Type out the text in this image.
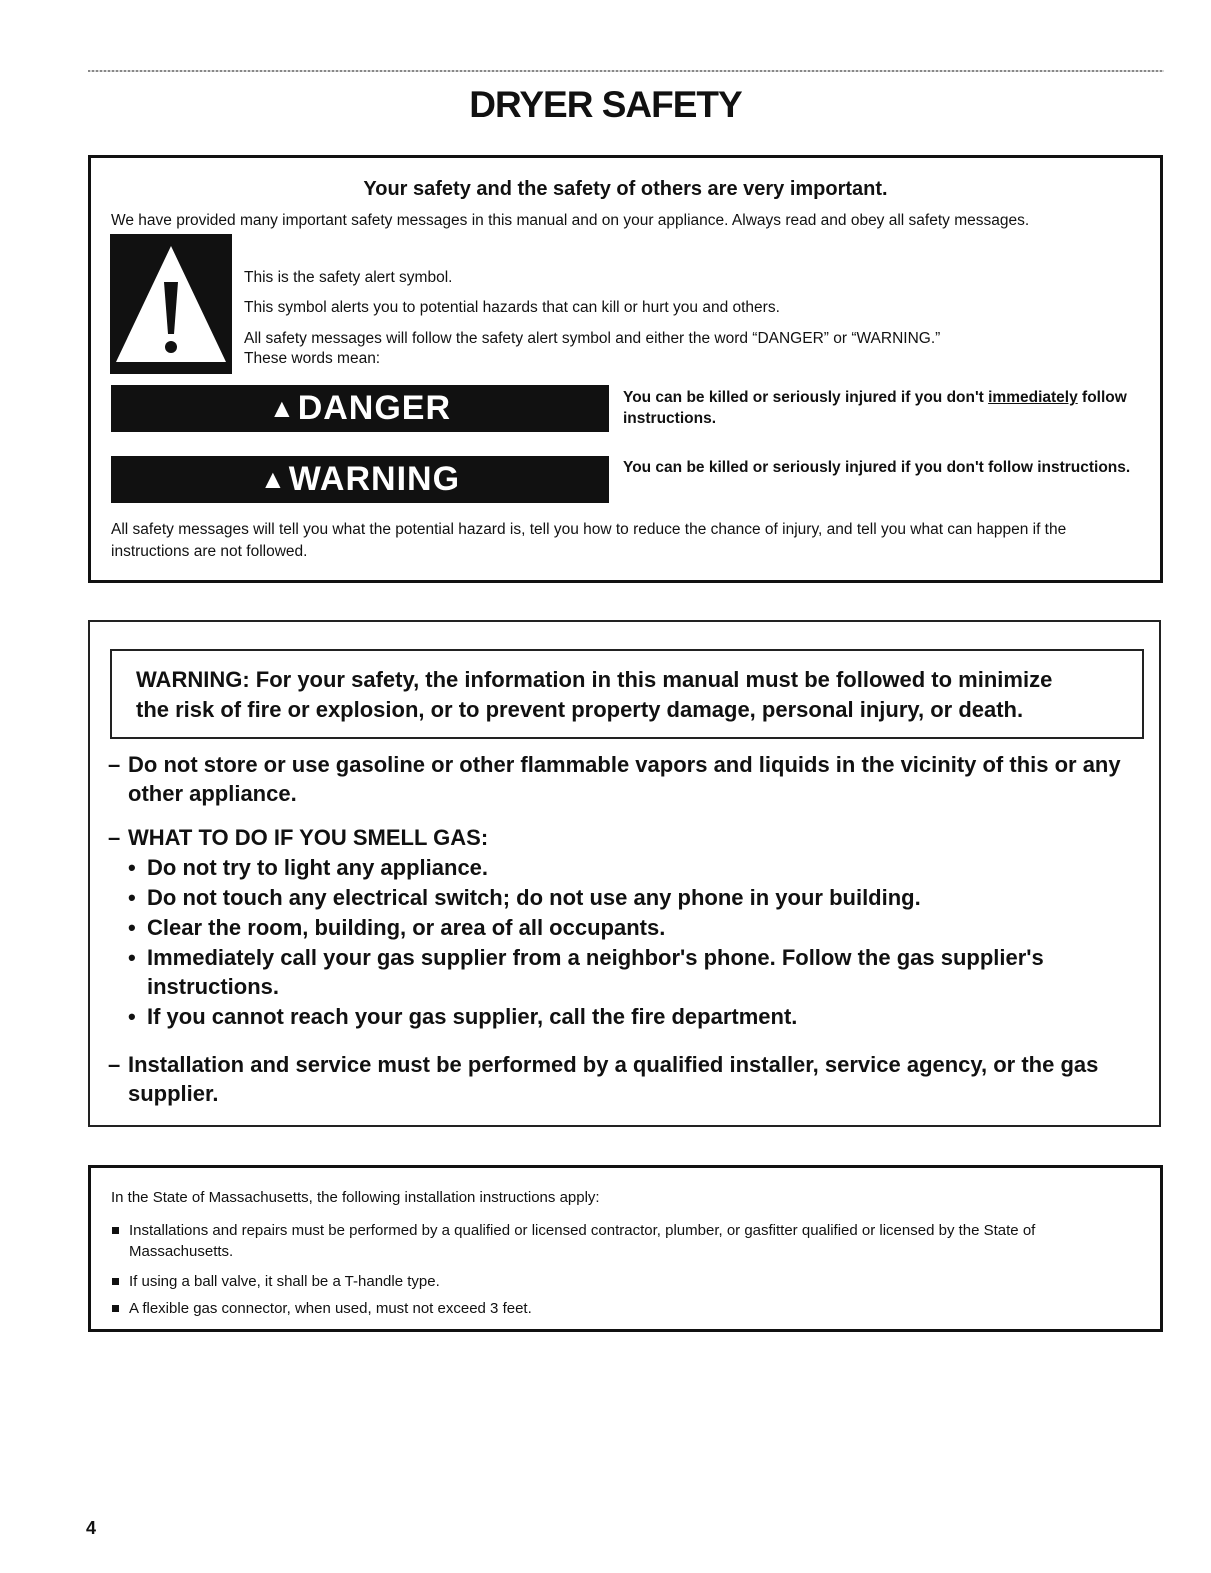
DRYER SAFETY
Your safety and the safety of others are very important.
We have provided many important safety messages in this manual and on your appliance. Always read and obey all safety messages.
This is the safety alert symbol.
This symbol alerts you to potential hazards that can kill or hurt you and others.
All safety messages will follow the safety alert symbol and either the word “DANGER” or “WARNING.”
These words mean:
▲ DANGER	You can be killed or seriously injured if you don't immediately follow instructions.
▲ WARNING	You can be killed or seriously injured if you don't follow instructions.
All safety messages will tell you what the potential hazard is, tell you how to reduce the chance of injury, and tell you what can happen if the instructions are not followed.
WARNING: For your safety, the information in this manual must be followed to minimize
the risk of fire or explosion, or to prevent property damage, personal injury, or death.
– Do not store or use gasoline or other flammable vapors and liquids in the vicinity of this or any other appliance.
– WHAT TO DO IF YOU SMELL GAS:
• Do not try to light any appliance.
• Do not touch any electrical switch; do not use any phone in your building.
• Clear the room, building, or area of all occupants.
• Immediately call your gas supplier from a neighbor's phone. Follow the gas supplier's instructions.
• If you cannot reach your gas supplier, call the fire department.
– Installation and service must be performed by a qualified installer, service agency, or the gas supplier.
In the State of Massachusetts, the following installation instructions apply:
Installations and repairs must be performed by a qualified or licensed contractor, plumber, or gasfitter qualified or licensed by the State of Massachusetts.
If using a ball valve, it shall be a T-handle type.
A flexible gas connector, when used, must not exceed 3 feet.
4
